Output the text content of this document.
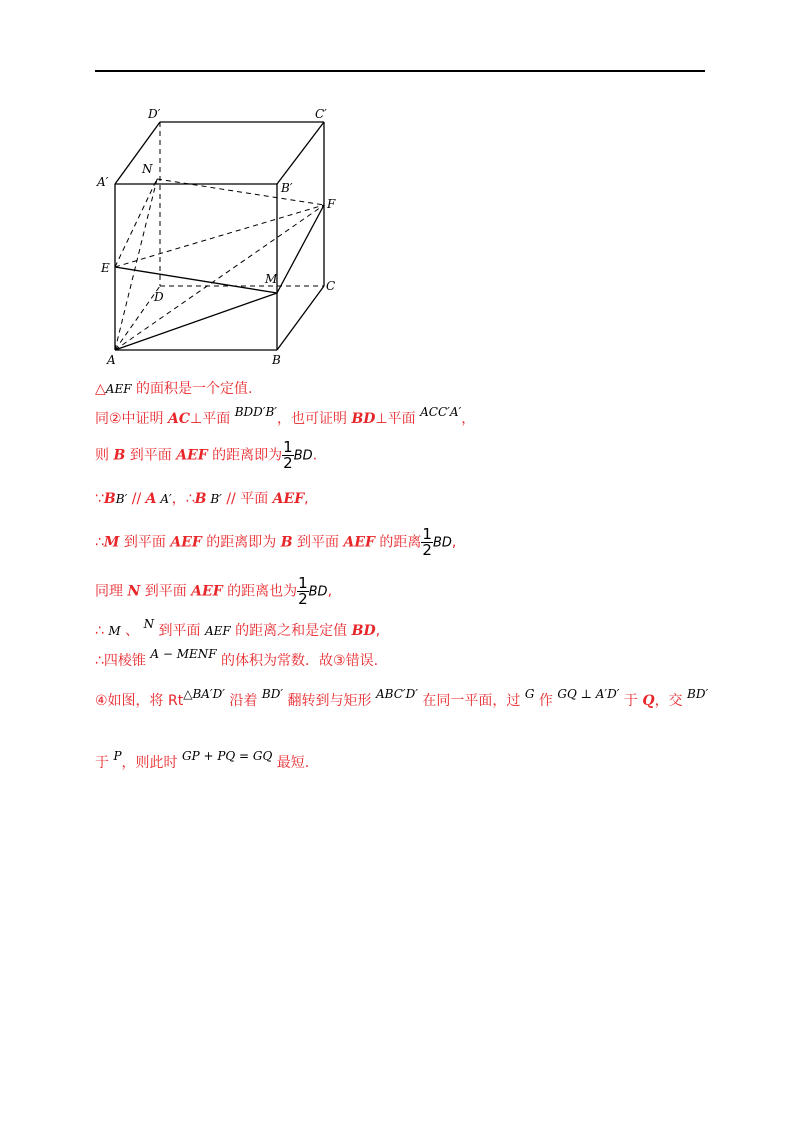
D′	C′
N
A′	B′
F
E
M	C
D
A	B
△AEF 的面积是一个定值.
同②中证明 AC⊥平面 BDD′B′，也可证明 BD⊥平面 ACC′A′，
则 B 到平面 AEF 的距离即为 $\frac{1}{2}$ BD.
∵BB′ // A A′，∴B B′ // 平面 AEF,
∴M 到平面 AEF 的距离即为 B 到平面 AEF 的距离 $\frac{1}{2}$ BD,
同理 N 到平面 AEF 的距离也为 $\frac{1}{2}$ BD,
∴ M 、 N 到平面 AEF 的距离之和是定值 BD,
∴四棱锥 A − MENF 的体积为常数．故③错误.
④如图，将 Rt△BA′D′ 沿着 BD′ 翻转到与矩形 ABC′D′ 在同一平面，过 G 作 GQ ⊥ A′D′ 于 Q，交 BD′
于 P，则此时 GP + PQ = GQ 最短.
